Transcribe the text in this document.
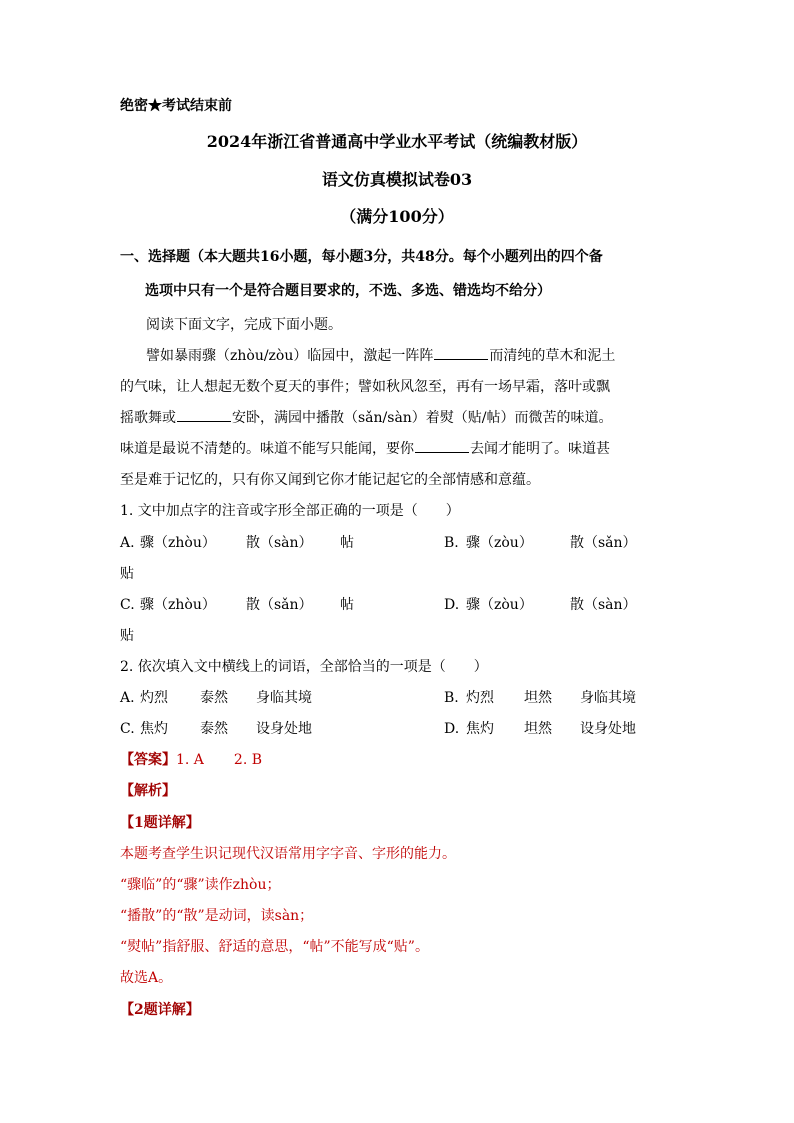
绝密★考试结束前
2024年浙江省普通高中学业水平考试（统编教材版）
语文仿真模拟试卷03
（满分100分）
一、选择题（本大题共16小题，每小题3分，共48分。每个小题列出的四个备
选项中只有一个是符合题目要求的，不选、多选、错选均不给分）
阅读下面文字，完成下面小题。
譬如暴雨骤（zhòu/zòu）临园中，激起一阵阵	而清纯的草木和泥土
的气味，让人想起无数个夏天的事件；譬如秋风忽至，再有一场早霜，落叶或飘
摇歌舞或	安卧，满园中播散（sǎn/sàn）着熨（贴/帖）而微苦的味道。
味道是最说不清楚的。味道不能写只能闻，要你	去闻才能明了。味道甚
至是难于记忆的，只有你又闻到它你才能记起它的全部情感和意蕴。
1. 文中加点字的注音或字形全部正确的一项是（　　）
A. 骤（zhòu） 散（sàn） 帖	B. 骤（zòu）	散（sǎn）
贴
C. 骤（zhòu） 散（sǎn） 帖	D. 骤（zòu）	散（sàn）
贴
2. 依次填入文中横线上的词语，全部恰当的一项是（　　）
A. 灼烈 泰然 身临其境	B. 灼烈 坦然 身临其境
C. 焦灼 泰然 设身处地	D. 焦灼 坦然 设身处地
【答案】1. A 2. B
【解析】
【1题详解】
本题考查学生识记现代汉语常用字字音、字形的能力。
“骤临”的“骤”读作zhòu；
“播散”的“散”是动词，读sàn；
“熨帖”指舒服、舒适的意思，“帖”不能写成“贴”。
故选A。
【2题详解】
